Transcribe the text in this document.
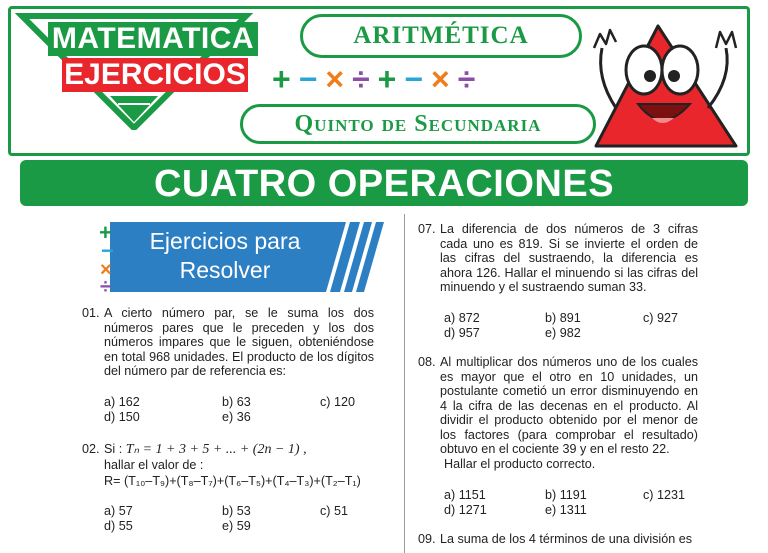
MATEMATICA
EJERCICIOS
ARITMÉTICA
+−×÷+−×÷
Quinto de Secundaria
CUATRO OPERACIONES
+
−
×
÷
Ejercicios para
Resolver
01. A cierto número par, se le suma los dos números pares que le preceden y los dos números impares que le siguen, obteniéndose en total 968 unidades. El producto de los dígitos del número par de referencia es:
a) 162	b) 63	c) 120
d) 150	e) 36
02. Si : Tₙ = 1 + 3 + 5 + ... + (2n − 1) ,
hallar el valor de :
R= (T₁₀–T₉)+(T₈–T₇)+(T₆–T₅)+(T₄–T₃)+(T₂–T₁)
a) 57	b) 53	c) 51
d) 55	e) 59
07. La diferencia de dos números de 3 cifras cada uno es 819. Si se invierte el orden de las cifras del sustraendo, la diferencia es ahora 126. Hallar el minuendo si las cifras del minuendo y el sustraendo suman 33.
a) 872	b) 891	c) 927
d) 957	e) 982
08. Al multiplicar dos números uno de los cuales es mayor que el otro en 10 unidades, un postulante cometió un error disminuyendo en 4 la cifra de las decenas en el producto. Al dividir el producto obtenido por el menor de los factores (para comprobar el resultado) obtuvo en el cociente 39 y en el resto 22.
Hallar el producto correcto.
a) 1151	b) 1191	c) 1231
d) 1271	e) 1311
09. La suma de los 4 términos de una división es
